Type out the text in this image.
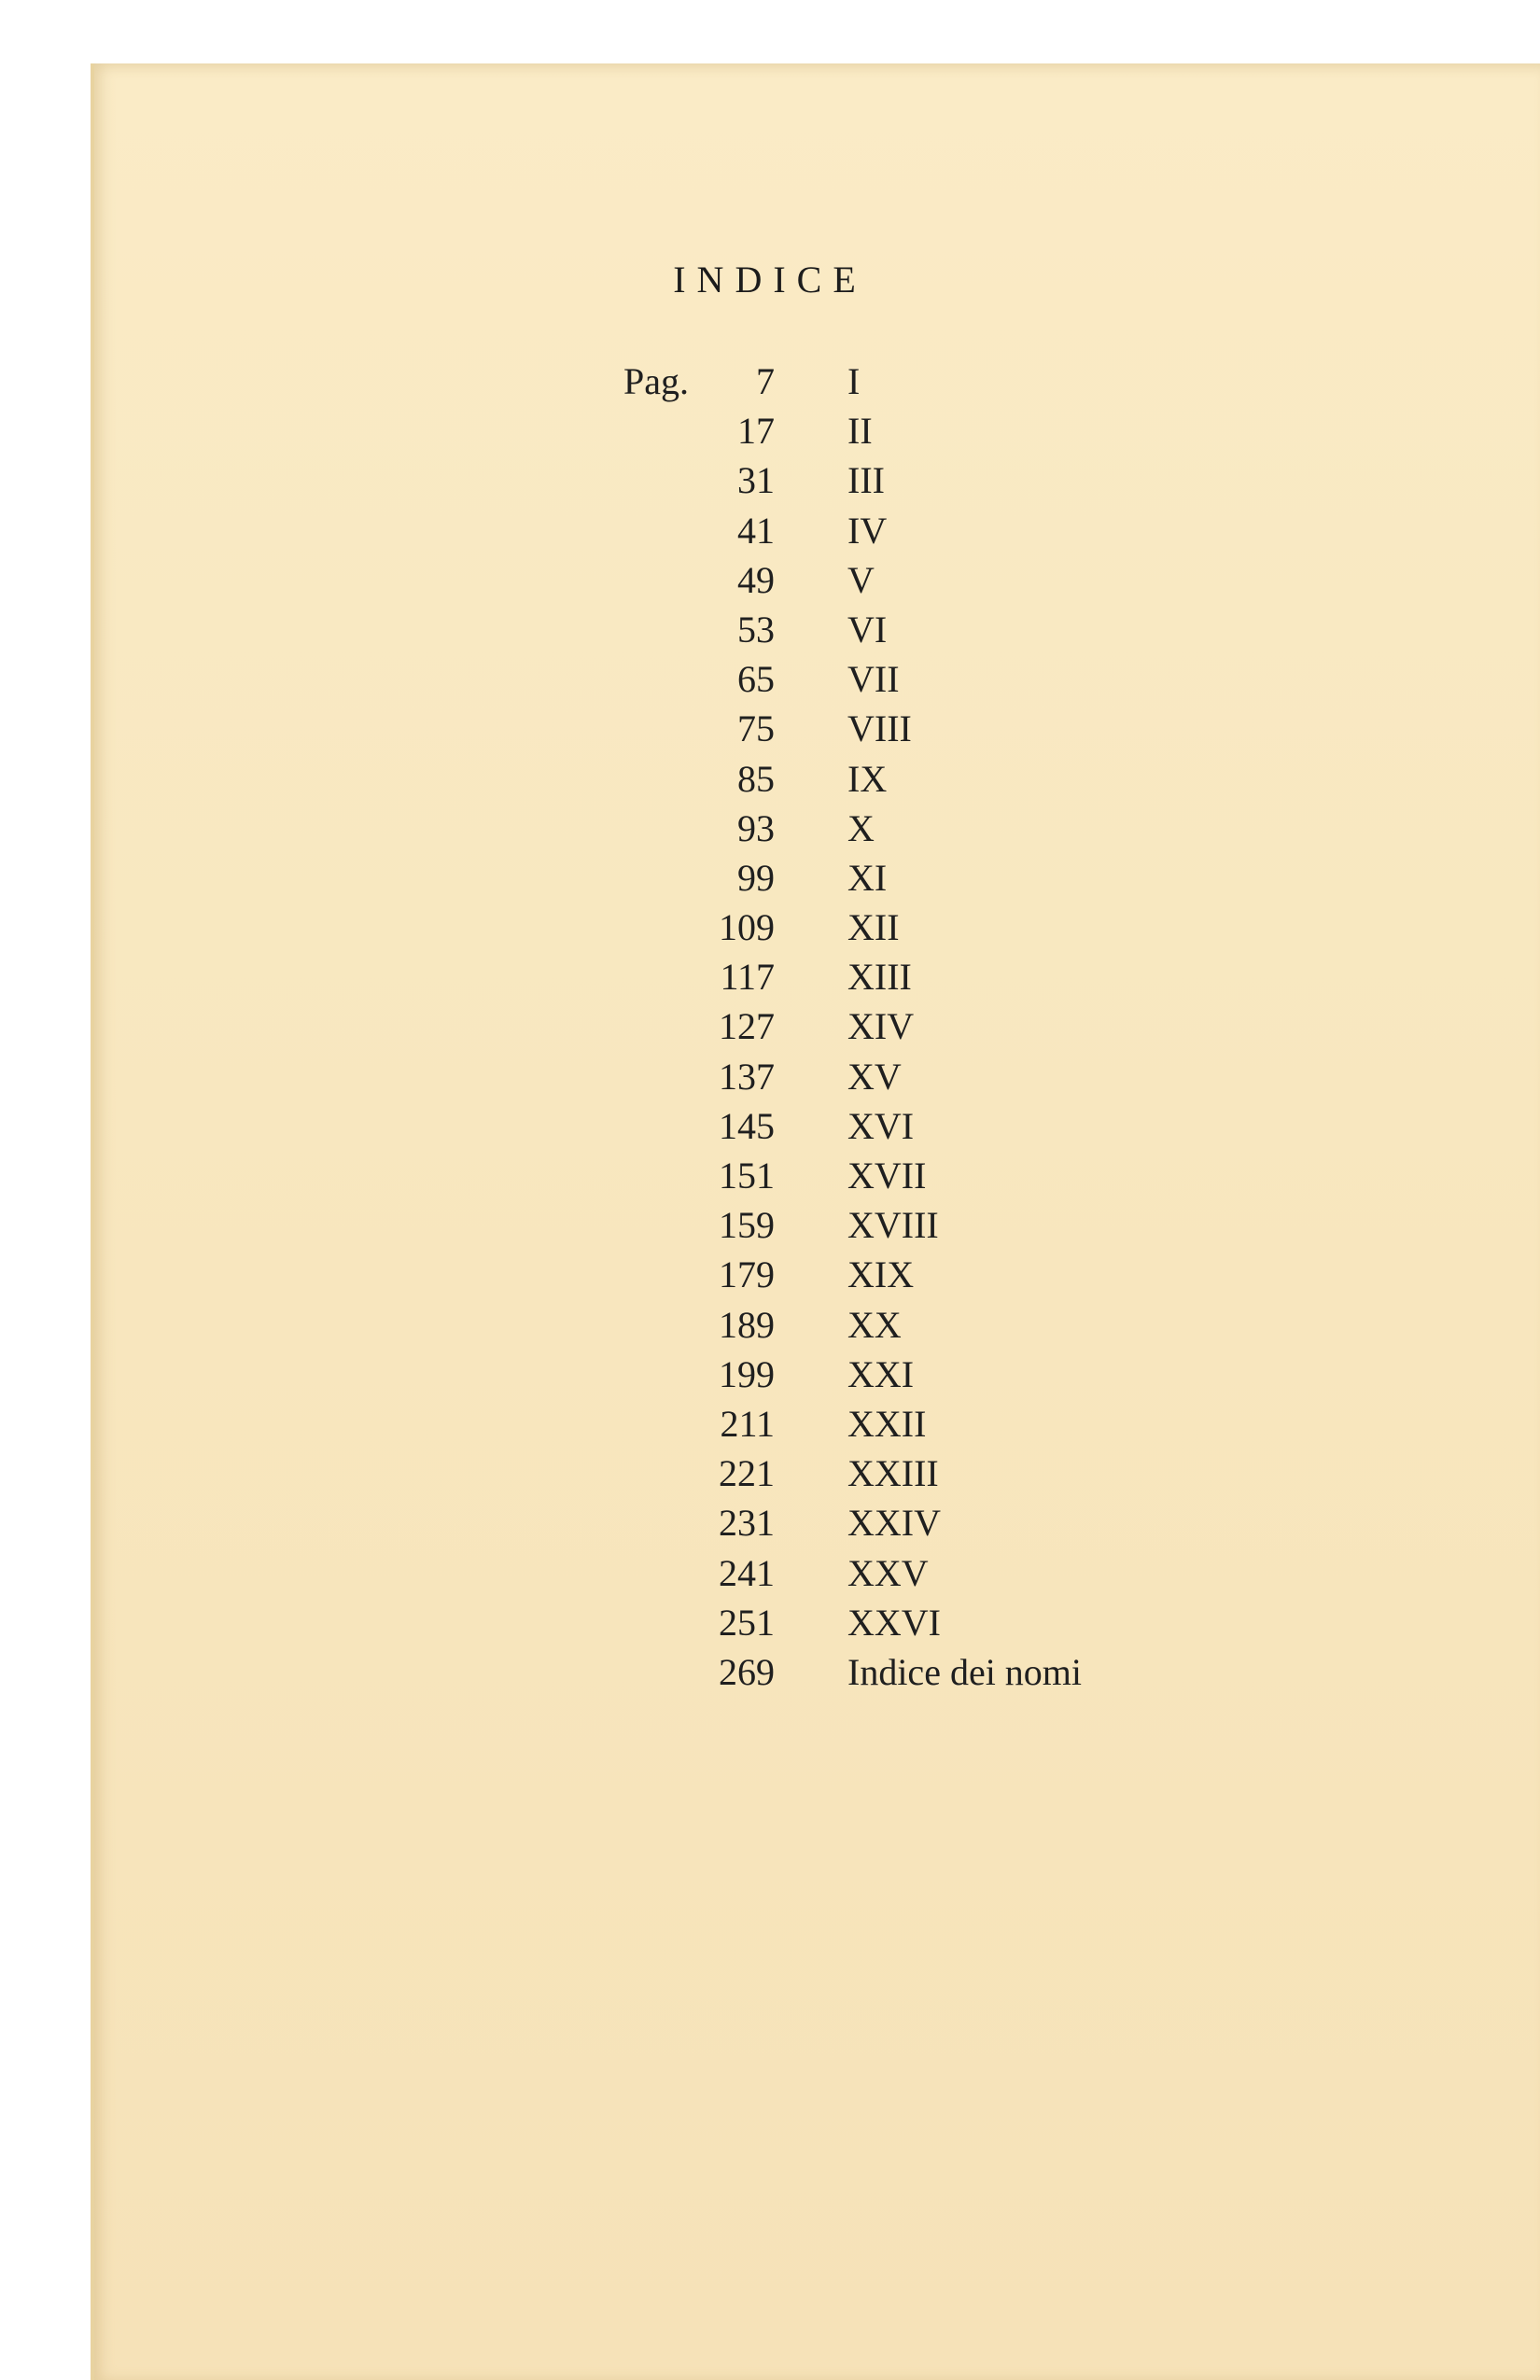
INDICE
Pag. 7 I
17 II
31 III
41 IV
49 V
53 VI
65 VII
75 VIII
85 IX
93 X
99 XI
109 XII
117 XIII
127 XIV
137 XV
145 XVI
151 XVII
159 XVIII
179 XIX
189 XX
199 XXI
211 XXII
221 XXIII
231 XXIV
241 XXV
251 XXVI
269 Indice dei nomi
